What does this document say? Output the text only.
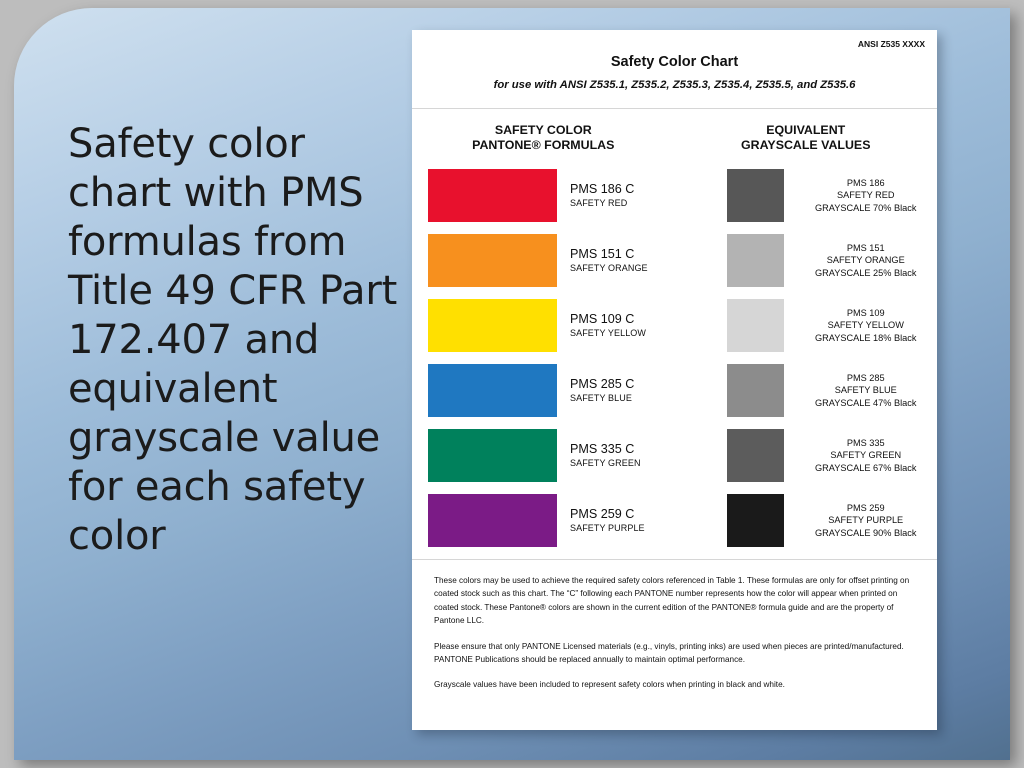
Safety color chart with PMS formulas from Title 49 CFR Part 172.407 and equivalent grayscale value for each safety color
ANSI Z535 XXXX
Safety Color Chart
for use with ANSI Z535.1, Z535.2, Z535.3, Z535.4, Z535.5, and Z535.6
SAFETY COLOR
PANTONE® FORMULAS
EQUIVALENT
GRAYSCALE VALUES
PMS 186 C
SAFETY RED
PMS 186
SAFETY RED
GRAYSCALE 70% Black
PMS 151 C
SAFETY ORANGE
PMS 151
SAFETY ORANGE
GRAYSCALE 25% Black
PMS 109 C
SAFETY YELLOW
PMS 109
SAFETY YELLOW
GRAYSCALE 18% Black
PMS 285 C
SAFETY BLUE
PMS 285
SAFETY BLUE
GRAYSCALE 47% Black
PMS 335 C
SAFETY GREEN
PMS 335
SAFETY GREEN
GRAYSCALE 67% Black
PMS 259 C
SAFETY PURPLE
PMS 259
SAFETY PURPLE
GRAYSCALE 90% Black

These colors may be used to achieve the required safety colors referenced in Table 1. These formulas are only for offset printing on coated stock such as this chart. The “C” following each PANTONE number represents how the color will appear when printed on coated stock. These Pantone® colors are shown in the current edition of the PANTONE® formula guide and are the property of Pantone LLC.

Please ensure that only PANTONE Licensed materials (e.g., vinyls, printing inks) are used when pieces are printed/manufactured. PANTONE Publications should be replaced annually to maintain optimal performance.

Grayscale values have been included to represent safety colors when printing in black and white.
